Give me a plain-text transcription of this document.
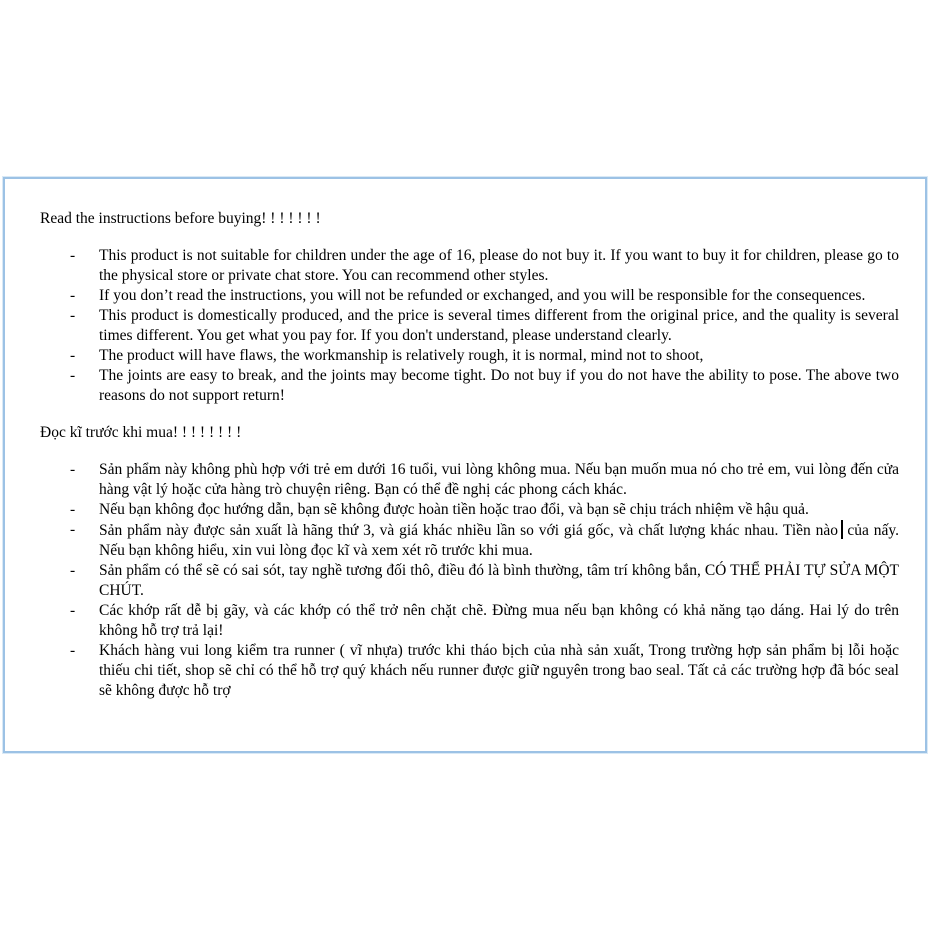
Read the instructions before buying! ! ! ! ! ! !

- This product is not suitable for children under the age of 16, please do not buy it. If you want to buy it for children, please go to the physical store or private chat store. You can recommend other styles.
- If you don’t read the instructions, you will not be refunded or exchanged, and you will be responsible for the consequences.
- This product is domestically produced, and the price is several times different from the original price, and the quality is several times different. You get what you pay for. If you don't understand, please understand clearly.
- The product will have flaws, the workmanship is relatively rough, it is normal, mind not to shoot,
- The joints are easy to break, and the joints may become tight. Do not buy if you do not have the ability to pose. The above two reasons do not support return!

Đọc kĩ trước khi mua! ! ! ! ! ! ! !

- Sản phẩm này không phù hợp với trẻ em dưới 16 tuổi, vui lòng không mua. Nếu bạn muốn mua nó cho trẻ em, vui lòng đến cửa hàng vật lý hoặc cửa hàng trò chuyện riêng. Bạn có thể đề nghị các phong cách khác.
- Nếu bạn không đọc hướng dẫn, bạn sẽ không được hoàn tiền hoặc trao đổi, và bạn sẽ chịu trách nhiệm về hậu quả.
- Sản phẩm này được sản xuất là hãng thứ 3, và giá khác nhiều lần so với giá gốc, và chất lượng khác nhau. Tiền nào của nấy. Nếu bạn không hiểu, xin vui lòng đọc kĩ và xem xét rõ trước khi mua.
- Sản phẩm có thể sẽ có sai sót, tay nghề tương đối thô, điều đó là bình thường, tâm trí không bắn, CÓ THỂ PHẢI TỰ SỬA MỘT CHÚT.
- Các khớp rất dễ bị gãy, và các khớp có thể trở nên chặt chẽ. Đừng mua nếu bạn không có khả năng tạo dáng. Hai lý do trên không hỗ trợ trả lại!
- Khách hàng vui long kiểm tra runner ( vĩ nhựa) trước khi tháo bịch của nhà sản xuất, Trong trường hợp sản phẩm bị lỗi hoặc thiếu chi tiết, shop sẽ chỉ có thể hỗ trợ quý khách nếu runner được giữ nguyên trong bao seal. Tất cả các trường hợp đã bóc seal sẽ không được hỗ trợ
